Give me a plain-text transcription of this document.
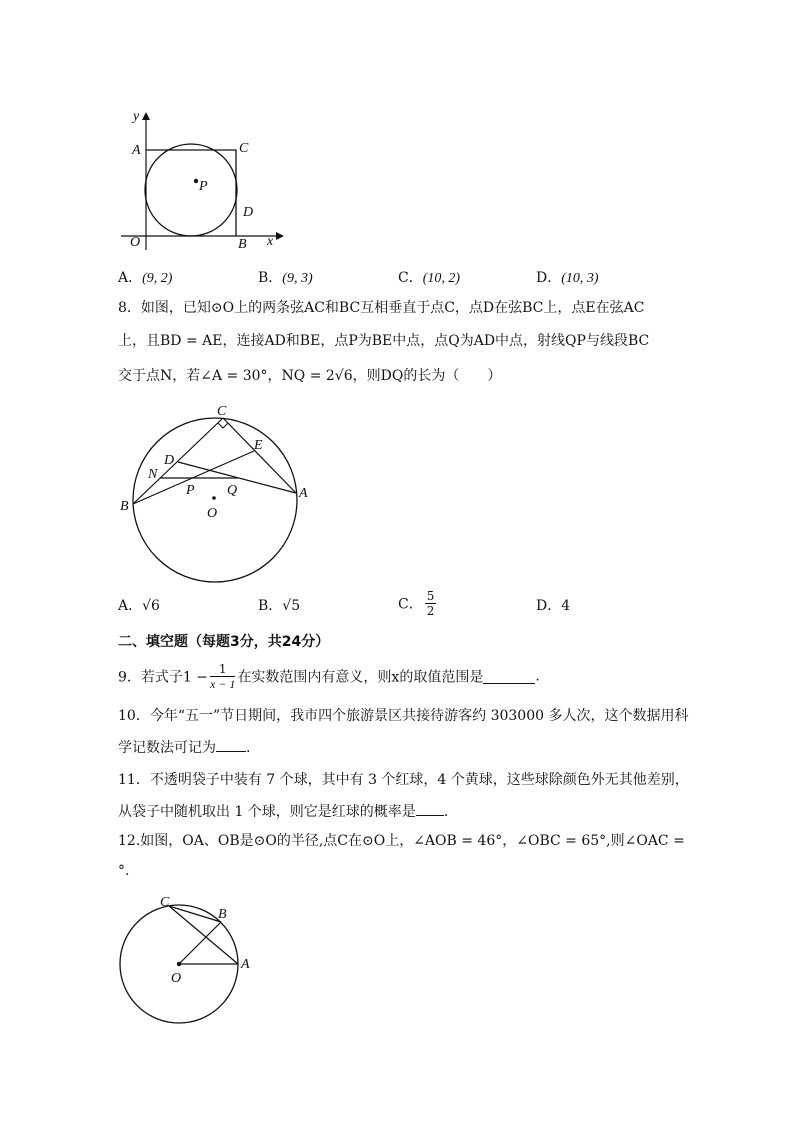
y
x
A	C
P
D
O	B
A．(9, 2)	B．(9, 3)	C．(10, 2)	D．(10, 3)
8．如图，已知⊙O上的两条弦AC和BC互相垂直于点C，点D在弦BC上，点E在弦AC
上，且BD = AE，连接AD和BE，点P为BE中点，点Q为AD中点，射线QP与线段BC
交于点N，若∠A = 30°，NQ = 2√6，则DQ的长为（　　）
C
D
E
N
P Q	A
B	O
A．√6	B．√5	C． $\frac{5}{2}$	D．4
二、填空题（每题3分，共24分）
9．若式子$1 - \frac{1}{x - 1}$ 在实数范围内有意义，则x的取值范围是	.
10．今年“五一”节日期间，我市四个旅游景区共接待游客约 303000 多人次，这个数据用科
学记数法可记为 .
11．不透明袋子中装有 7 个球，其中有 3 个红球，4 个黄球，这些球除颜色外无其他差别，
从袋子中随机取出 1 个球，则它是红球的概率是 .
12.如图，OA、OB是⊙O的半径,点C在⊙O上，∠AOB = 46°，∠OBC = 65°,则∠OAC =
°.
C
B
O
A
